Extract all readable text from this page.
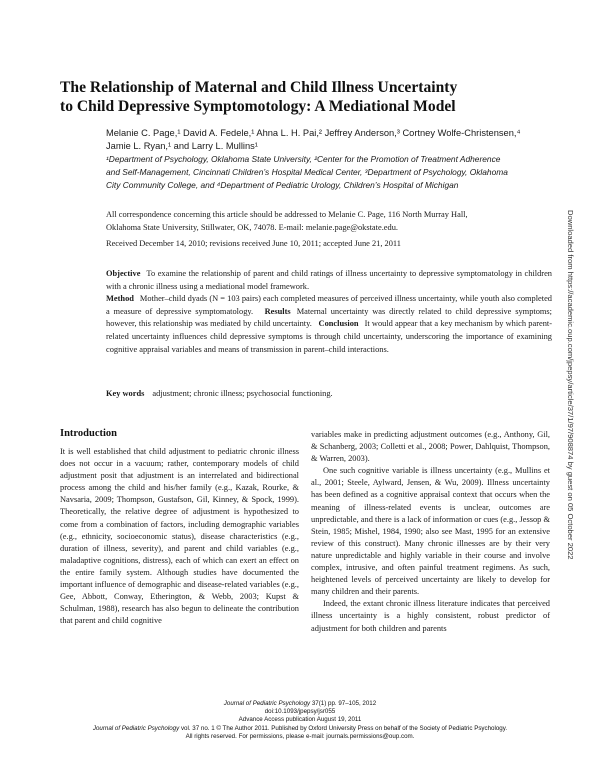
The Relationship of Maternal and Child Illness Uncertainty
to Child Depressive Symptomotology: A Mediational Model
Melanie C. Page,¹ David A. Fedele,¹ Ahna L. H. Pai,² Jeffrey Anderson,³ Cortney Wolfe-Christensen,⁴
Jamie L. Ryan,¹ and Larry L. Mullins¹
¹Department of Psychology, Oklahoma State University, ²Center for the Promotion of Treatment Adherence
and Self-Management, Cincinnati Children’s Hospital Medical Center, ³Department of Psychology, Oklahoma
City Community College, and ⁴Department of Pediatric Urology, Children’s Hospital of Michigan
All correspondence concerning this article should be addressed to Melanie C. Page, 116 North Murray Hall,
Oklahoma State University, Stillwater, OK, 74078. E-mail: melanie.page@okstate.edu.
Received December 14, 2010; revisions received June 10, 2011; accepted June 21, 2011
Objective To examine the relationship of parent and child ratings of illness uncertainty to depressive symptomatology in children with a chronic illness using a mediational model framework.
Method Mother–child dyads (N = 103 pairs) each completed measures of perceived illness uncertainty, while youth also completed a measure of depressive symptomatology. Results Maternal uncertainty was directly related to child depressive symptoms; however, this relationship was mediated by child uncertainty. Conclusion It would appear that a key mechanism by which parent-related uncertainty influences child depressive symptoms is through child uncertainty, underscoring the importance of examining cognitive appraisal variables and means of transmission in parent–child interactions.
Key words adjustment; chronic illness; psychosocial functioning.
Introduction

It is well established that child adjustment to pediatric chronic illness does not occur in a vacuum; rather, contemporary models of child adjustment posit that adjustment is an interrelated and bidirectional process among the child and his/her family (e.g., Kazak, Rourke, & Navsaria, 2009; Thompson, Gustafson, Gil, Kinney, & Spock, 1999). Theoretically, the relative degree of adjustment is hypothesized to come from a combination of factors, including demographic variables (e.g., ethnicity, socioeconomic status), disease characteristics (e.g., duration of illness, severity), and parent and child variables (e.g., maladaptive cognitions, distress), each of which can exert an effect on the entire family system. Although studies have documented the important influence of demographic and disease-related variables (e.g., Gee, Abbott, Conway, Etherington, & Webb, 2003; Kupst & Schulman, 1988), research has also begun to delineate the contribution that parent and child cognitive

variables make in predicting adjustment outcomes (e.g., Anthony, Gil, & Schanberg, 2003; Colletti et al., 2008; Power, Dahlquist, Thompson, & Warren, 2003).

One such cognitive variable is illness uncertainty (e.g., Mullins et al., 2001; Steele, Aylward, Jensen, & Wu, 2009). Illness uncertainty has been defined as a cognitive appraisal context that occurs when the meaning of illness-related events is unclear, outcomes are unpredictable, and there is a lack of information or cues (e.g., Jessop & Stein, 1985; Mishel, 1984, 1990; also see Mast, 1995 for an extensive review of this construct). Many chronic illnesses are by their very nature unpredictable and highly variable in their course and involve complex, intrusive, and often painful treatment regimens. As such, heightened levels of perceived uncertainty are likely to develop for many children and their parents.

Indeed, the extant chronic illness literature indicates that perceived illness uncertainty is a highly consistent, robust predictor of adjustment for both children and parents

Downloaded from https://academic.oup.com/jpepsy/article/37/1/97/908874 by guest on 05 October 2022
Journal of Pediatric Psychology 37(1) pp. 97–105, 2012
doi:10.1093/jpepsy/jsr055
Advance Access publication August 19, 2011
Journal of Pediatric Psychology vol. 37 no. 1 © The Author 2011. Published by Oxford University Press on behalf of the Society of Pediatric Psychology.
All rights reserved. For permissions, please e-mail: journals.permissions@oup.com.
